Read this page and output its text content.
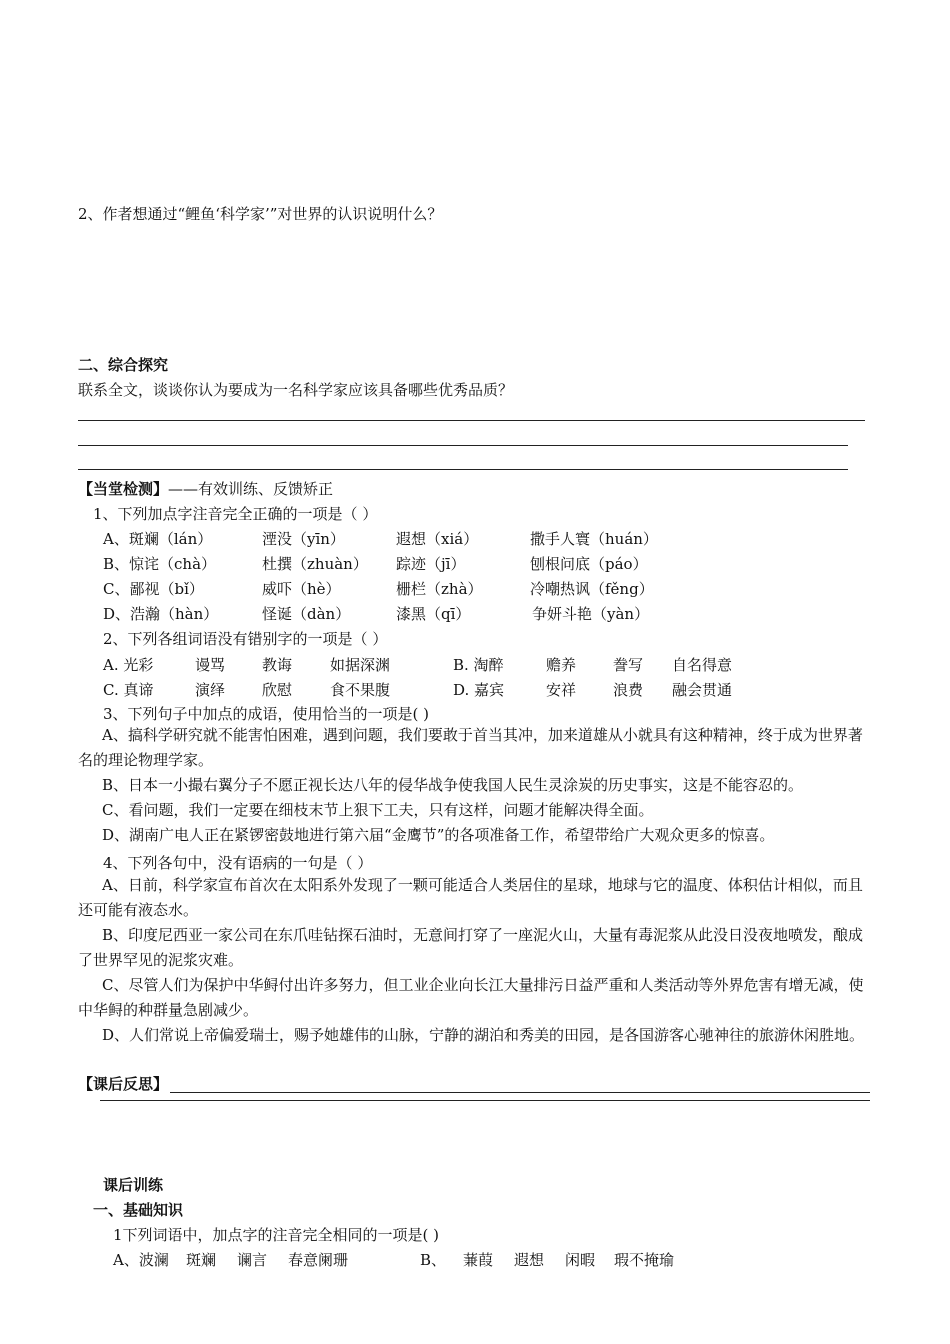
2、作者想通过“鲤鱼‘科学家’”对世界的认识说明什么？
二、综合探究
联系全文，谈谈你认为要成为一名科学家应该具备哪些优秀品质？
【当堂检测】——有效训练、反馈矫正
1、下列加点字注音完全正确的一项是（ ）
A、斑斓（lán）	湮没（yīn）	遐想（xiá）	撒手人寰（huán）
B、惊诧（chà）	杜撰（zhuàn） 踪迹（jī）	刨根问底（páo）
C、鄙视（bǐ）	威吓（hè）	栅栏（zhà）	冷嘲热讽（fěng）
D、浩瀚（hàn）	怪诞（dàn）	漆黑（qī）	争妍斗艳（yàn）
2、下列各组词语没有错别字的一项是（ ）
A. 光彩	谩骂 教诲	如据深渊	B. 淘醉	赡养 誊写 自名得意
C. 真谛	演绎 欣慰	食不果腹	D. 嘉宾	安祥 浪费 融会贯通
3、下列句子中加点的成语，使用恰当的一项是( )
A、搞科学研究就不能害怕困难，遇到问题，我们要敢于首当其冲，加来道雄从小就具有这种精神，终于成为世界著名的理论物理学家。
B、日本一小撮右翼分子不愿正视长达八年的侵华战争使我国人民生灵涂炭的历史事实，这是不能容忍的。
C、看问题，我们一定要在细枝末节上狠下工夫，只有这样，问题才能解决得全面。
D、湖南广电人正在紧锣密鼓地进行第六届“金鹰节”的各项准备工作，希望带给广大观众更多的惊喜。
4、下列各句中，没有语病的一句是（ ）
A、日前，科学家宣布首次在太阳系外发现了一颗可能适合人类居住的星球，地球与它的温度、体积估计相似，而且还可能有液态水。
B、印度尼西亚一家公司在东爪哇钻探石油时，无意间打穿了一座泥火山，大量有毒泥浆从此没日没夜地喷发，酿成了世界罕见的泥浆灾难。
C、尽管人们为保护中华鲟付出许多努力，但工业企业向长江大量排污日益严重和人类活动等外界危害有增无减，使中华鲟的种群量急剧减少。
D、人们常说上帝偏爱瑞士，赐予她雄伟的山脉，宁静的湖泊和秀美的田园，是各国游客心驰神往的旅游休闲胜地。
【课后反思】
课后训练
一、基础知识
1下列词语中，加点字的注音完全相同的一项是( )
A、波澜 斑斓 谰言 春意阑珊	B、 蒹葭 遐想 闲暇 瑕不掩瑜
